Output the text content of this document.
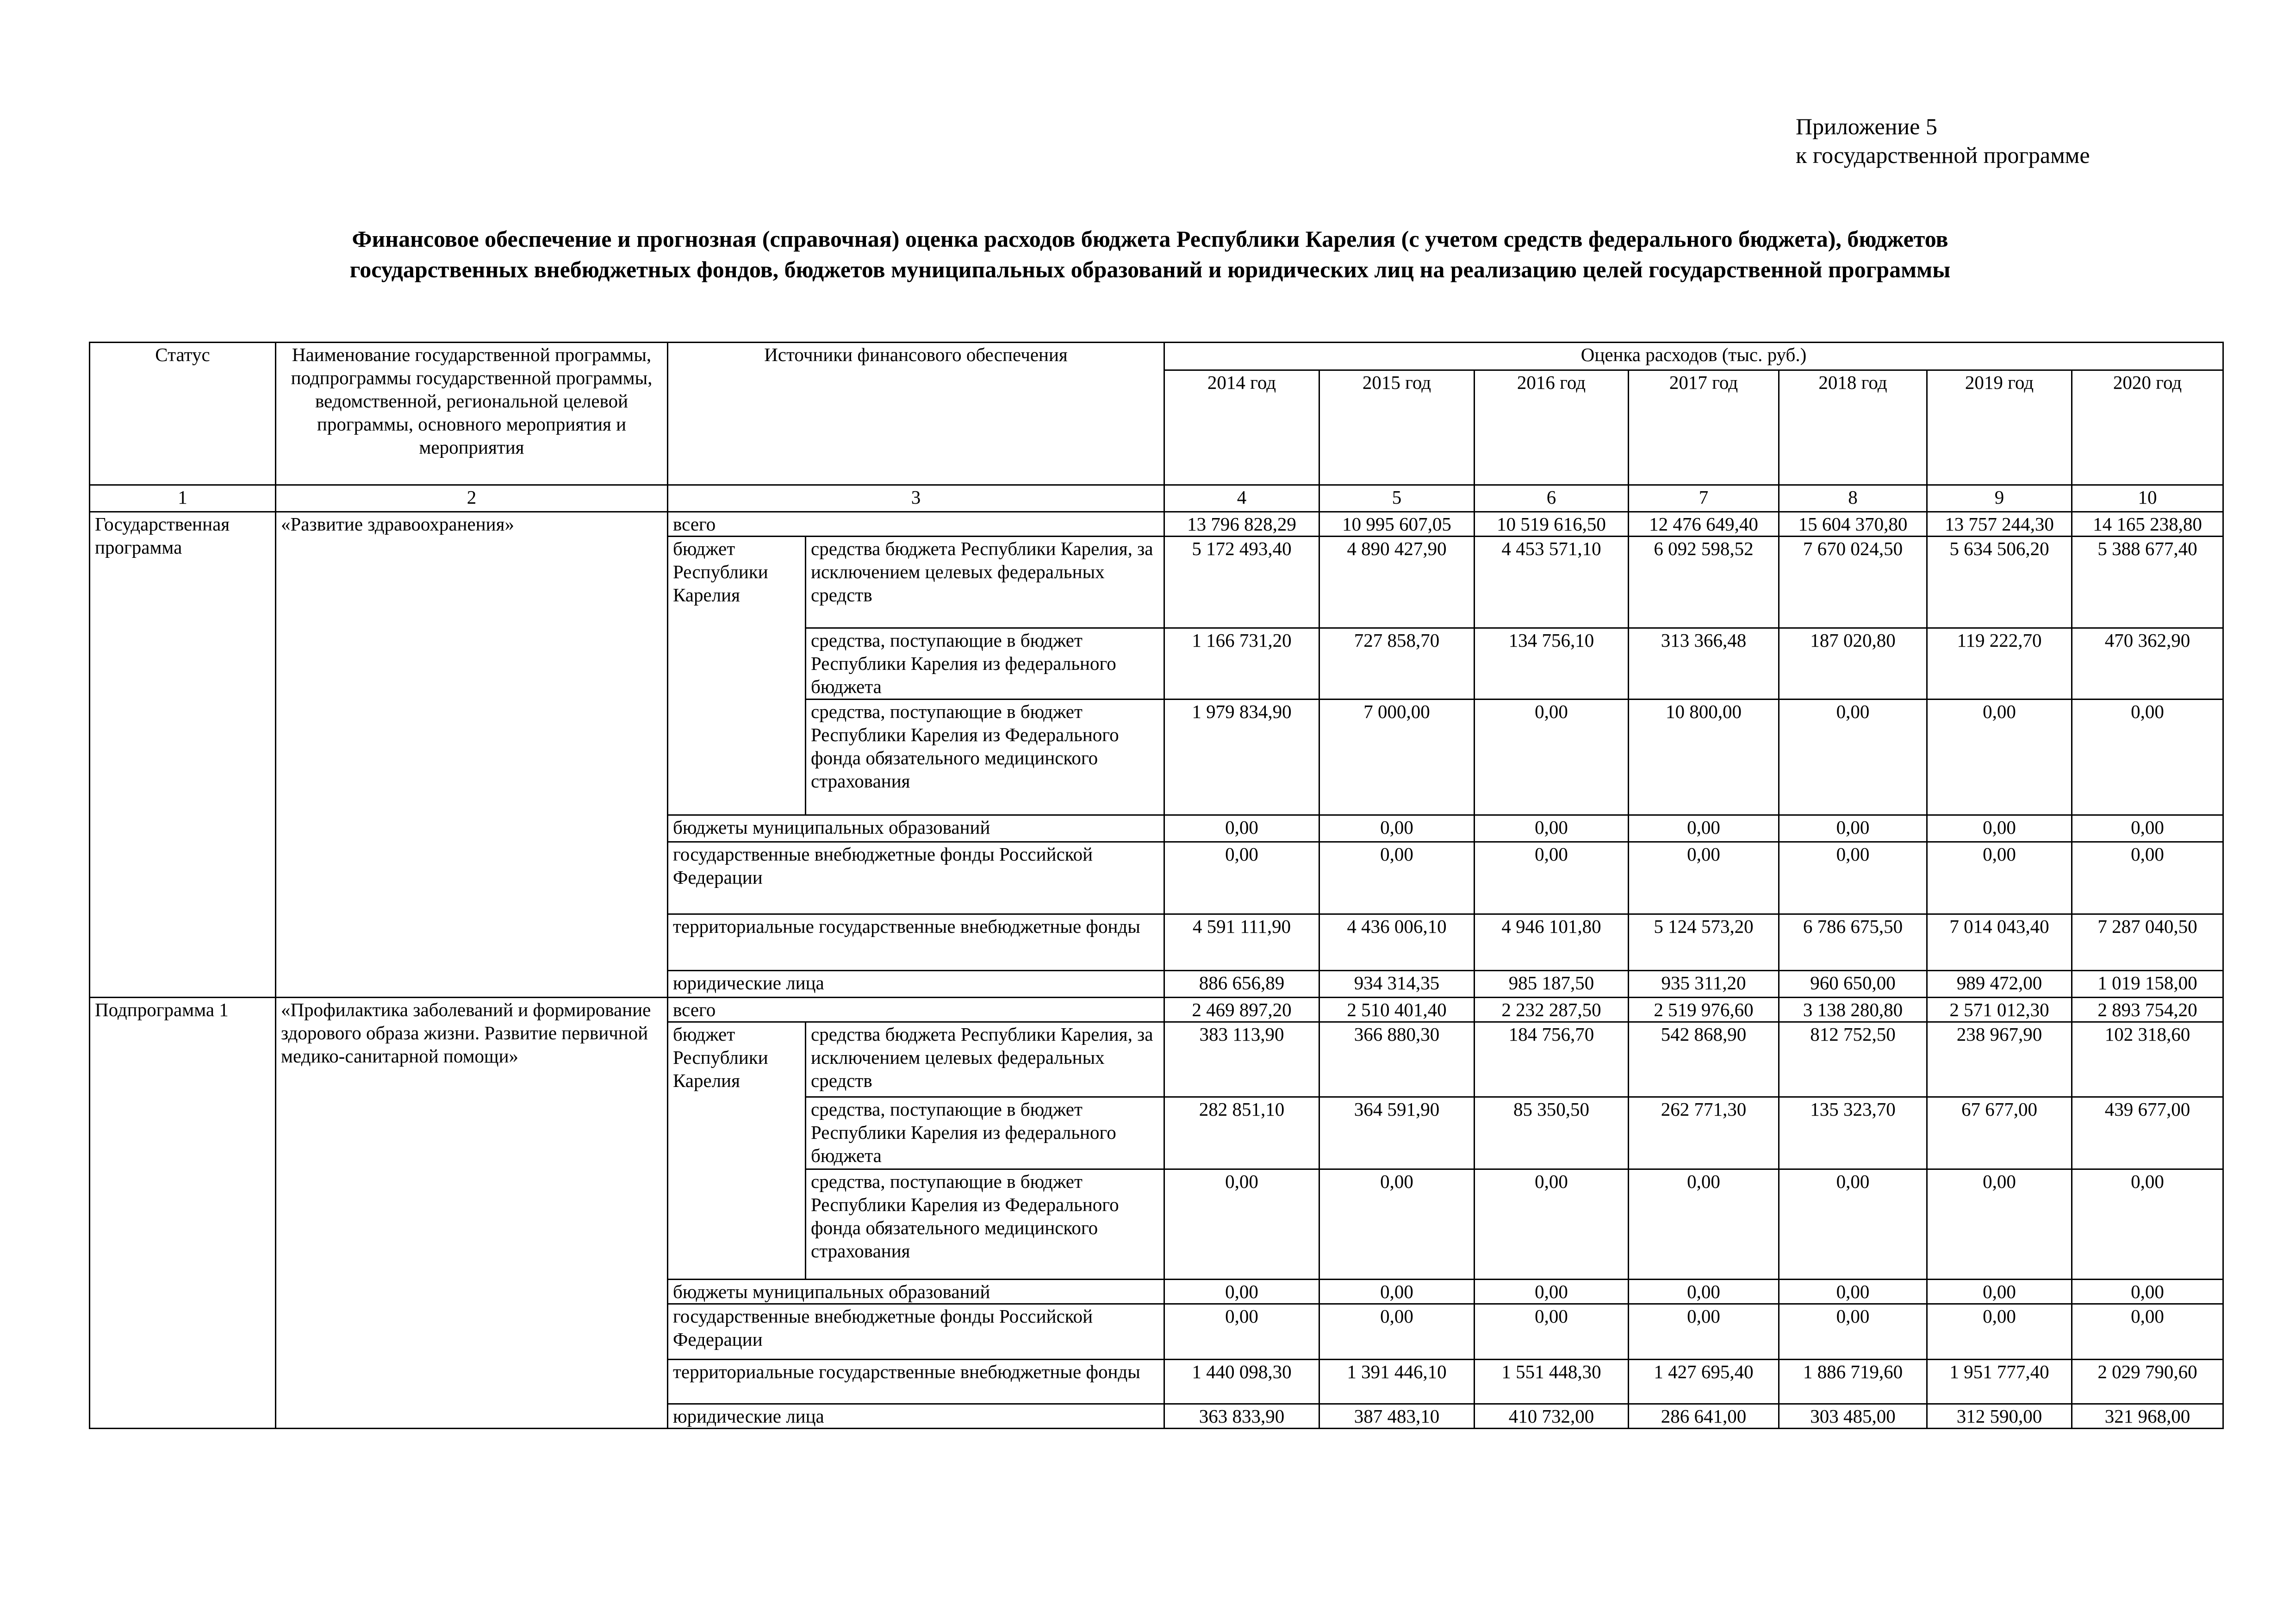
Приложение 5
к государственной программе
Финансовое обеспечение и прогнозная (справочная) оценка расходов бюджета Республики Карелия (с учетом средств федерального бюджета), бюджетов
государственных внебюджетных фондов, бюджетов муниципальных образований и юридических лиц на реализацию целей государственной программы
Статус	Наименование государственной программы, подпрограммы государственной программы, ведомственной, региональной целевой программы, основного мероприятия и мероприятия	Источники финансового обеспечения		Оценка расходов (тыс. руб.)						
				2014 год	2015 год	2016 год	2017 год	2018 год	2019 год	2020 год
1	2	3		4	5	6	7	8	9	10
Государственная программа	«Развитие здравоохранения»	всего		13 796 828,29	10 995 607,05	10 519 616,50	12 476 649,40	15 604 370,80	13 757 244,30	14 165 238,80

		бюджет Республики Карелия	средства бюджета Республики Карелия, за исключением целевых федеральных средств	5 172 493,40	4 890 427,90	4 453 571,10	6 092 598,52	7 670 024,50	5 634 506,20	5 388 677,40

			средства, поступающие в бюджет Республики Карелия из федерального бюджета	1 166 731,20	727 858,70	134 756,10	313 366,48	187 020,80	119 222,70	470 362,90

			средства, поступающие в бюджет Республики Карелия из Федерального фонда обязательного медицинского страхования	1 979 834,90	7 000,00	0,00	10 800,00	0,00	0,00	0,00

		бюджеты муниципальных образований		0,00	0,00	0,00	0,00	0,00	0,00	0,00

		государственные внебюджетные фонды Российской Федерации		0,00	0,00	0,00	0,00	0,00	0,00	0,00

		территориальные государственные внебюджетные фонды		4 591 111,90	4 436 006,10	4 946 101,80	5 124 573,20	6 786 675,50	7 014 043,40	7 287 040,50

		юридические лица		886 656,89	934 314,35	985 187,50	935 311,20	960 650,00	989 472,00	1 019 158,00

Подпрограмма 1	«Профилактика заболеваний и формирование здорового образа жизни. Развитие первичной медико-санитарной помощи»	всего		2 469 897,20	2 510 401,40	2 232 287,50	2 519 976,60	3 138 280,80	2 571 012,30	2 893 754,20

		бюджет Республики Карелия	средства бюджета Республики Карелия, за исключением целевых федеральных средств	383 113,90	366 880,30	184 756,70	542 868,90	812 752,50	238 967,90	102 318,60

			средства, поступающие в бюджет Республики Карелия из федерального бюджета	282 851,10	364 591,90	85 350,50	262 771,30	135 323,70	67 677,00	439 677,00

			средства, поступающие в бюджет Республики Карелия из Федерального фонда обязательного медицинского страхования	0,00	0,00	0,00	0,00	0,00	0,00	0,00

		бюджеты муниципальных образований		0,00	0,00	0,00	0,00	0,00	0,00	0,00

		государственные внебюджетные фонды Российской Федерации		0,00	0,00	0,00	0,00	0,00	0,00	0,00

		территориальные государственные внебюджетные фонды		1 440 098,30	1 391 446,10	1 551 448,30	1 427 695,40	1 886 719,60	1 951 777,40	2 029 790,60

		юридические лица		363 833,90	387 483,10	410 732,00	286 641,00	303 485,00	312 590,00	321 968,00
